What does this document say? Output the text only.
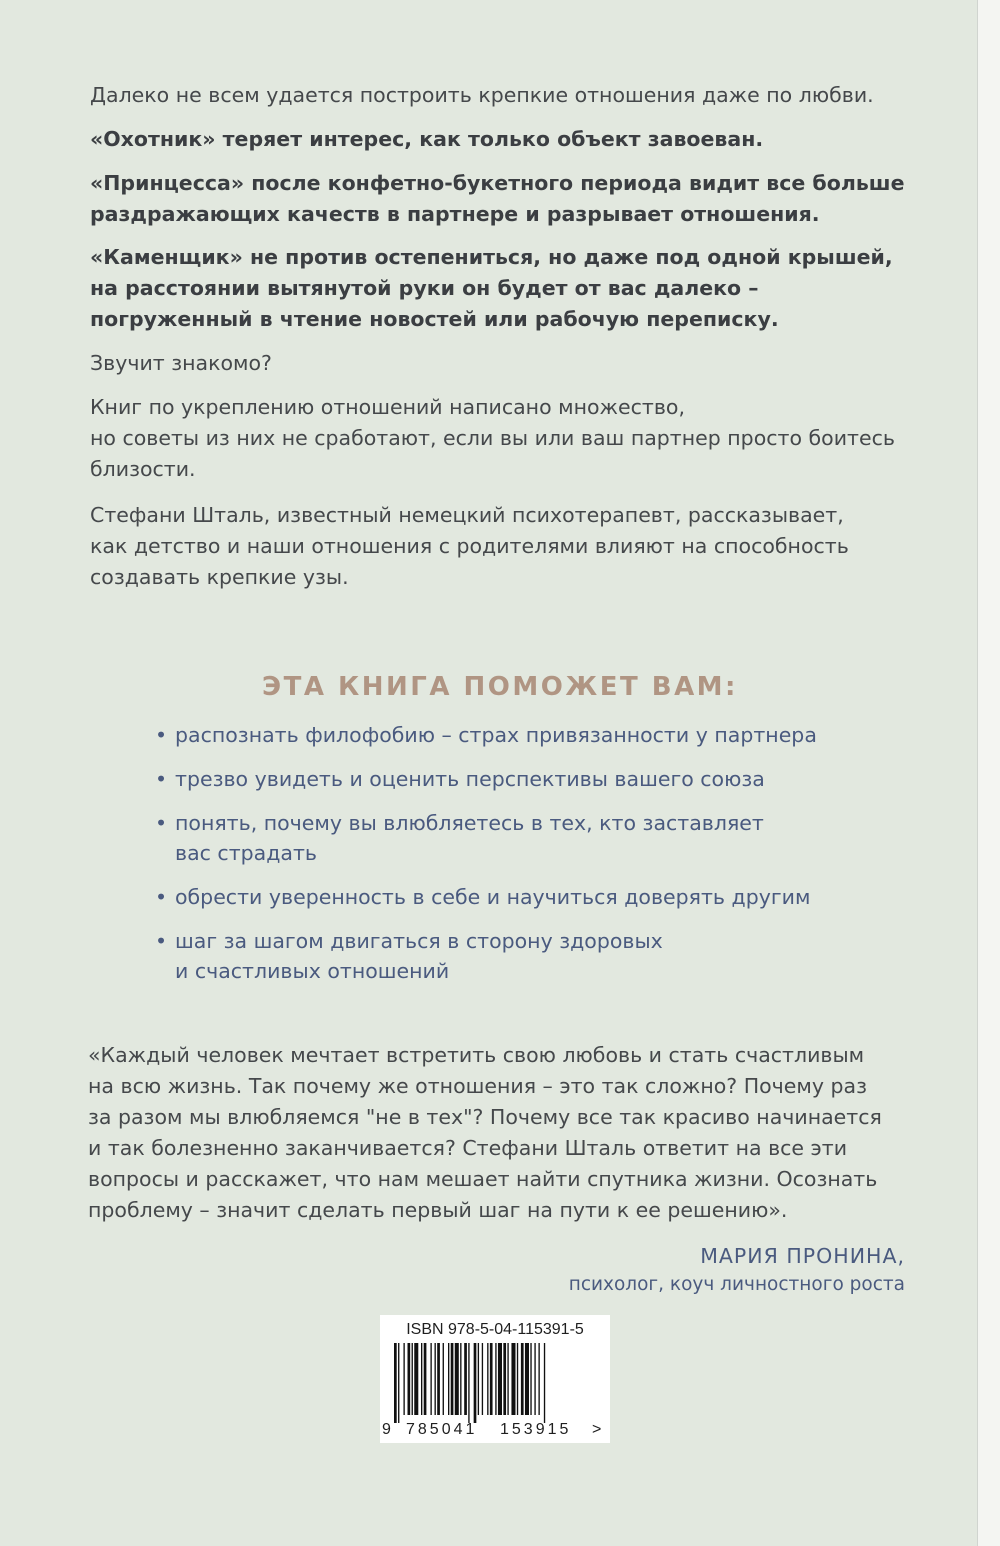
Далеко не всем удается построить крепкие отношения даже по любви.

«Охотник» теряет интерес, как только объект завоеван.

«Принцесса» после конфетно-букетного периода видит все больше
раздражающих качеств в партнере и разрывает отношения.

«Каменщик» не против остепениться, но даже под одной крышей,
на расстоянии вытянутой руки он будет от вас далеко –
погруженный в чтение новостей или рабочую переписку.

Звучит знакомо?

Книг по укреплению отношений написано множество,
но советы из них не сработают, если вы или ваш партнер просто боитесь
близости.

Стефани Шталь, известный немецкий психотерапевт, рассказывает,
как детство и наши отношения с родителями влияют на способность
создавать крепкие узы.

ЭТА КНИГА ПОМОЖЕТ ВАМ:
• распознать филофобию – страх привязанности у партнера
• трезво увидеть и оценить перспективы вашего союза
• понять, почему вы влюбляетесь в тех, кто заставляет
вас страдать
• обрести уверенность в себе и научиться доверять другим
• шаг за шагом двигаться в сторону здоровых
и счастливых отношений

«Каждый человек мечтает встретить свою любовь и стать счастливым
на всю жизнь. Так почему же отношения – это так сложно? Почему раз
за разом мы влюбляемся "не в тех"? Почему все так красиво начинается
и так болезненно заканчивается? Стефани Шталь ответит на все эти
вопросы и расскажет, что нам мешает найти спутника жизни. Осознать
проблему – значит сделать первый шаг на пути к ее решению».

МАРИЯ ПРОНИНА,
психолог, коуч личностного роста
ISBN 978-5-04-115391-5
9 785041 153915 >
